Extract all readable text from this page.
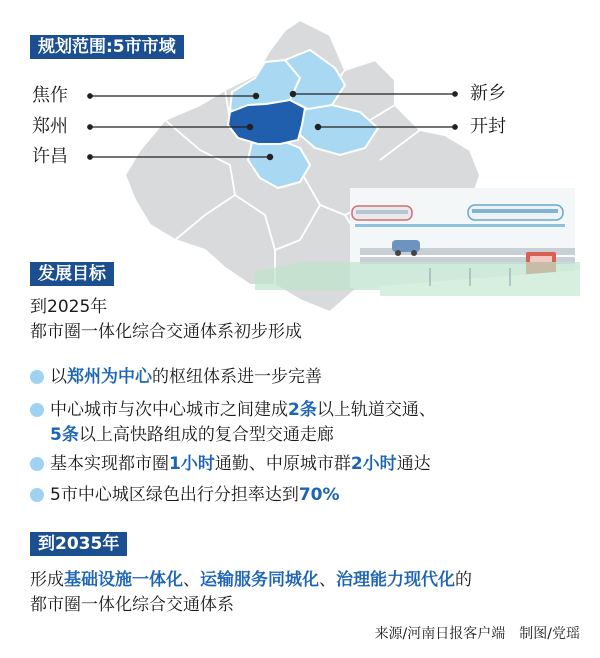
规划范围:5市市域
焦作
郑州
许昌
新乡
开封
发展目标
到2025年
都市圈一体化综合交通体系初步形成
以郑州为中心的枢纽体系进一步完善
中心城市与次中心城市之间建成2条以上轨道交通、
5条以上高快路组成的复合型交通走廊
基本实现都市圈1小时通勤、中原城市群2小时通达
5市中心城区绿色出行分担率达到70%
到2035年
形成基础设施一体化、运输服务同城化、治理能力现代化的
都市圈一体化综合交通体系
来源/河南日报客户端　制图/党瑶
